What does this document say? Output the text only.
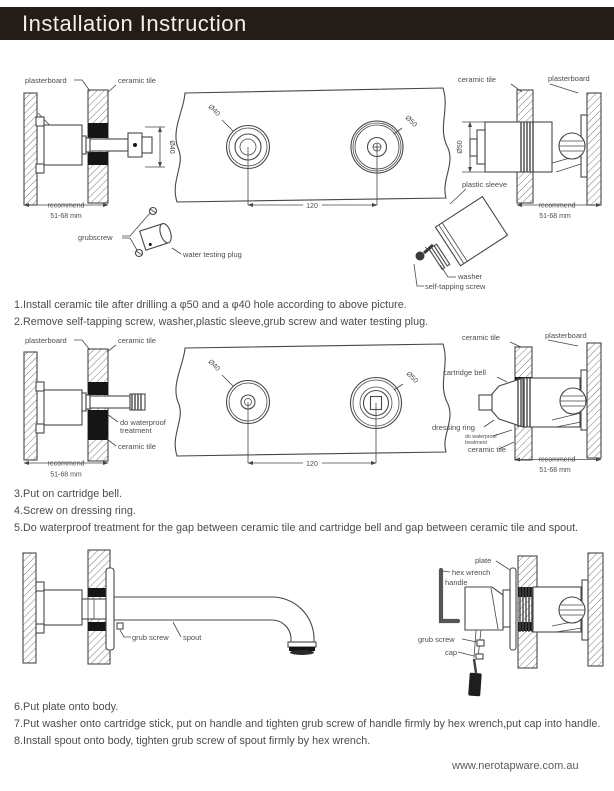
Installation Instruction
plasterboard	ceramic tile
Ø40
recommend
51-68 mm
grubscrew
water testing plug
Ø40
Ø50
120
ceramic tile	plasterboard
Ø50
recommend
51-68 mm
plastic sleeve
washer
self-tapping screw
1.Install ceramic tile after drilling a φ50 and a φ40 hole according to above picture.
2.Remove self-tapping screw, washer,plastic sleeve,grub screw and water testing plug.
plasterboard	ceramic tile
do waterproof
treatment
ceramic tile
recommend
51-68 mm
Ø40
Ø50
120
ceramic tile	plasterboard
cartridge bell
dressing ring
do waterproof
treatment
ceramic tile
recommend
51-68 mm
3.Put on cartridge bell.
4.Screw on dressing ring.
5.Do waterproof treatment for the gap between ceramic tile and cartridge bell and gap between ceramic tile and spout.
grub screw spout
plate
hex wrench
handle
grub screw
cap
6.Put plate onto body.
7.Put washer onto cartridge stick, put on handle and tighten grub screw of handle firmly by hex wrench,put cap into handle.
8.Install spout onto body, tighten grub screw of spout firmly by hex wrench.
www.nerotapware.com.au
